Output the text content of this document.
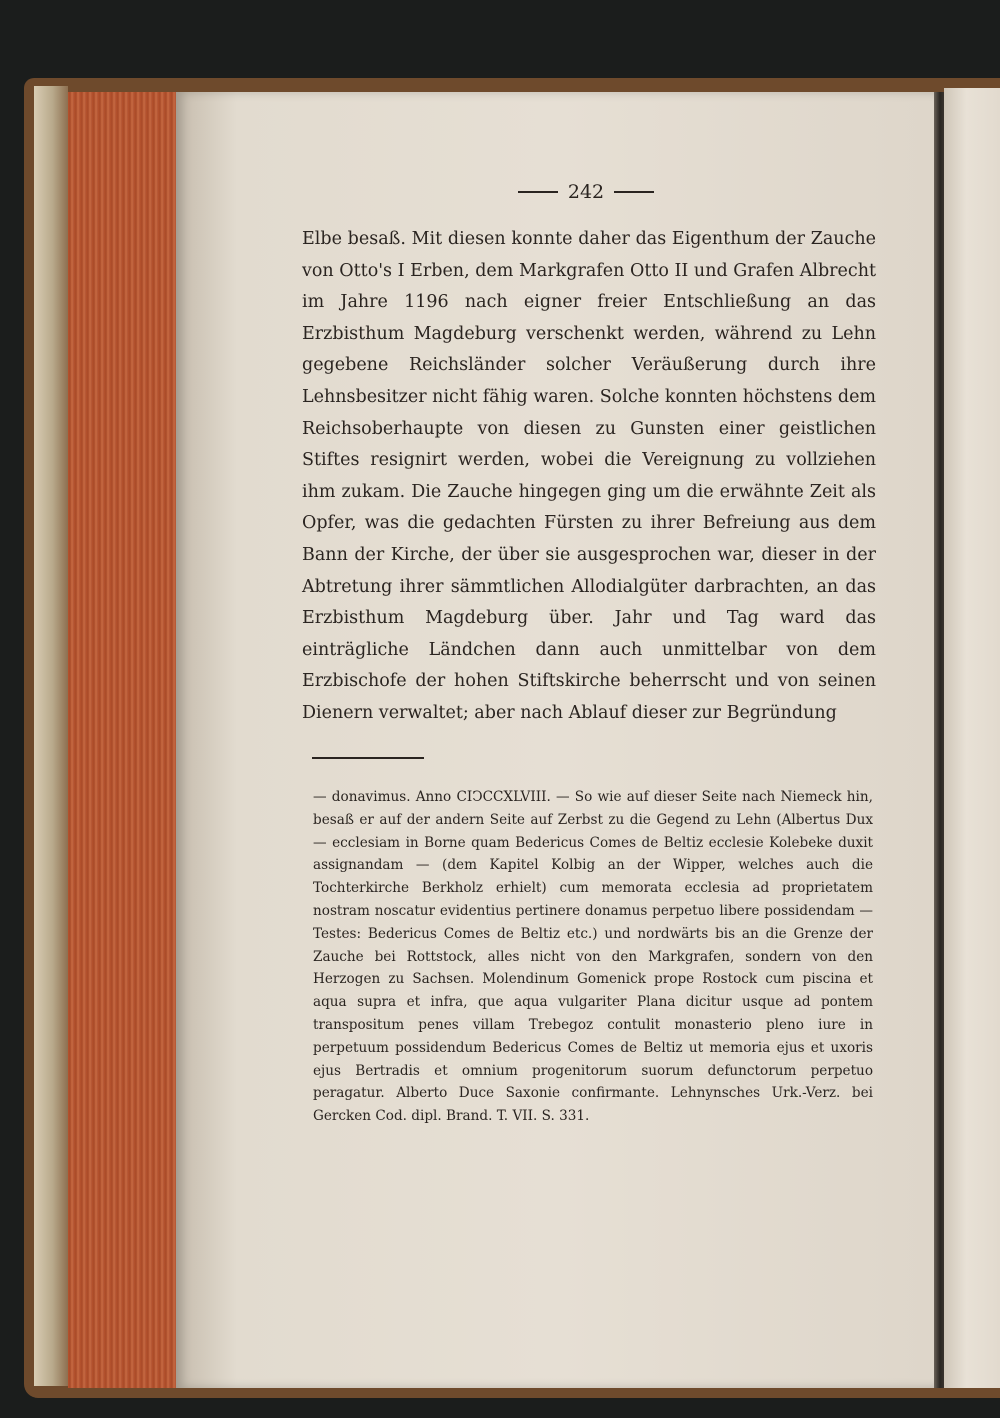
242

Elbe besaß. Mit diesen konnte daher das Eigenthum der Zauche von Otto's I Erben, dem Markgrafen Otto II und Grafen Albrecht im Jahre 1196 nach eigner freier Entschließung an das Erzbisthum Magdeburg verschenkt werden, während zu Lehn gegebene Reichsländer solcher Veräußerung durch ihre Lehnsbesitzer nicht fähig waren. Solche konnten höchstens dem Reichsoberhaupte von diesen zu Gunsten einer geistlichen Stiftes resignirt werden, wobei die Vereignung zu vollziehen ihm zukam. Die Zauche hingegen ging um die erwähnte Zeit als Opfer, was die gedachten Fürsten zu ihrer Befreiung aus dem Bann der Kirche, der über sie ausgesprochen war, dieser in der Abtretung ihrer sämmtlichen Allodialgüter darbrachten, an das Erzbisthum Magdeburg über. Jahr und Tag ward das einträgliche Ländchen dann auch unmittelbar von dem Erzbischofe der hohen Stiftskirche beherrscht und von seinen Dienern verwaltet; aber nach Ablauf dieser zur Begründung

— donavimus. Anno CIↃCCXLVIII. — So wie auf dieser Seite nach Niemeck hin, besaß er auf der andern Seite auf Zerbst zu die Gegend zu Lehn (Albertus Dux — ecclesiam in Borne quam Bedericus Comes de Beltiz ecclesie Kolebeke duxit assignandam — (dem Kapitel Kolbig an der Wipper, welches auch die Tochterkirche Berkholz erhielt) cum memorata ecclesia ad proprietatem nostram noscatur evidentius pertinere donamus perpetuo libere possidendam — Testes: Bedericus Comes de Beltiz etc.) und nordwärts bis an die Grenze der Zauche bei Rottstock, alles nicht von den Markgrafen, sondern von den Herzogen zu Sachsen. Molendinum Gomenick prope Rostock cum piscina et aqua supra et infra, que aqua vulgariter Plana dicitur usque ad pontem transpositum penes villam Trebegoz contulit monasterio pleno iure in perpetuum possidendum Bedericus Comes de Beltiz ut memoria ejus et uxoris ejus Bertradis et omnium progenitorum suorum defunctorum perpetuo peragatur. Alberto Duce Saxonie confirmante. Lehnynsches Urk.-Verz. bei Gercken Cod. dipl. Brand. T. VII. S. 331.
